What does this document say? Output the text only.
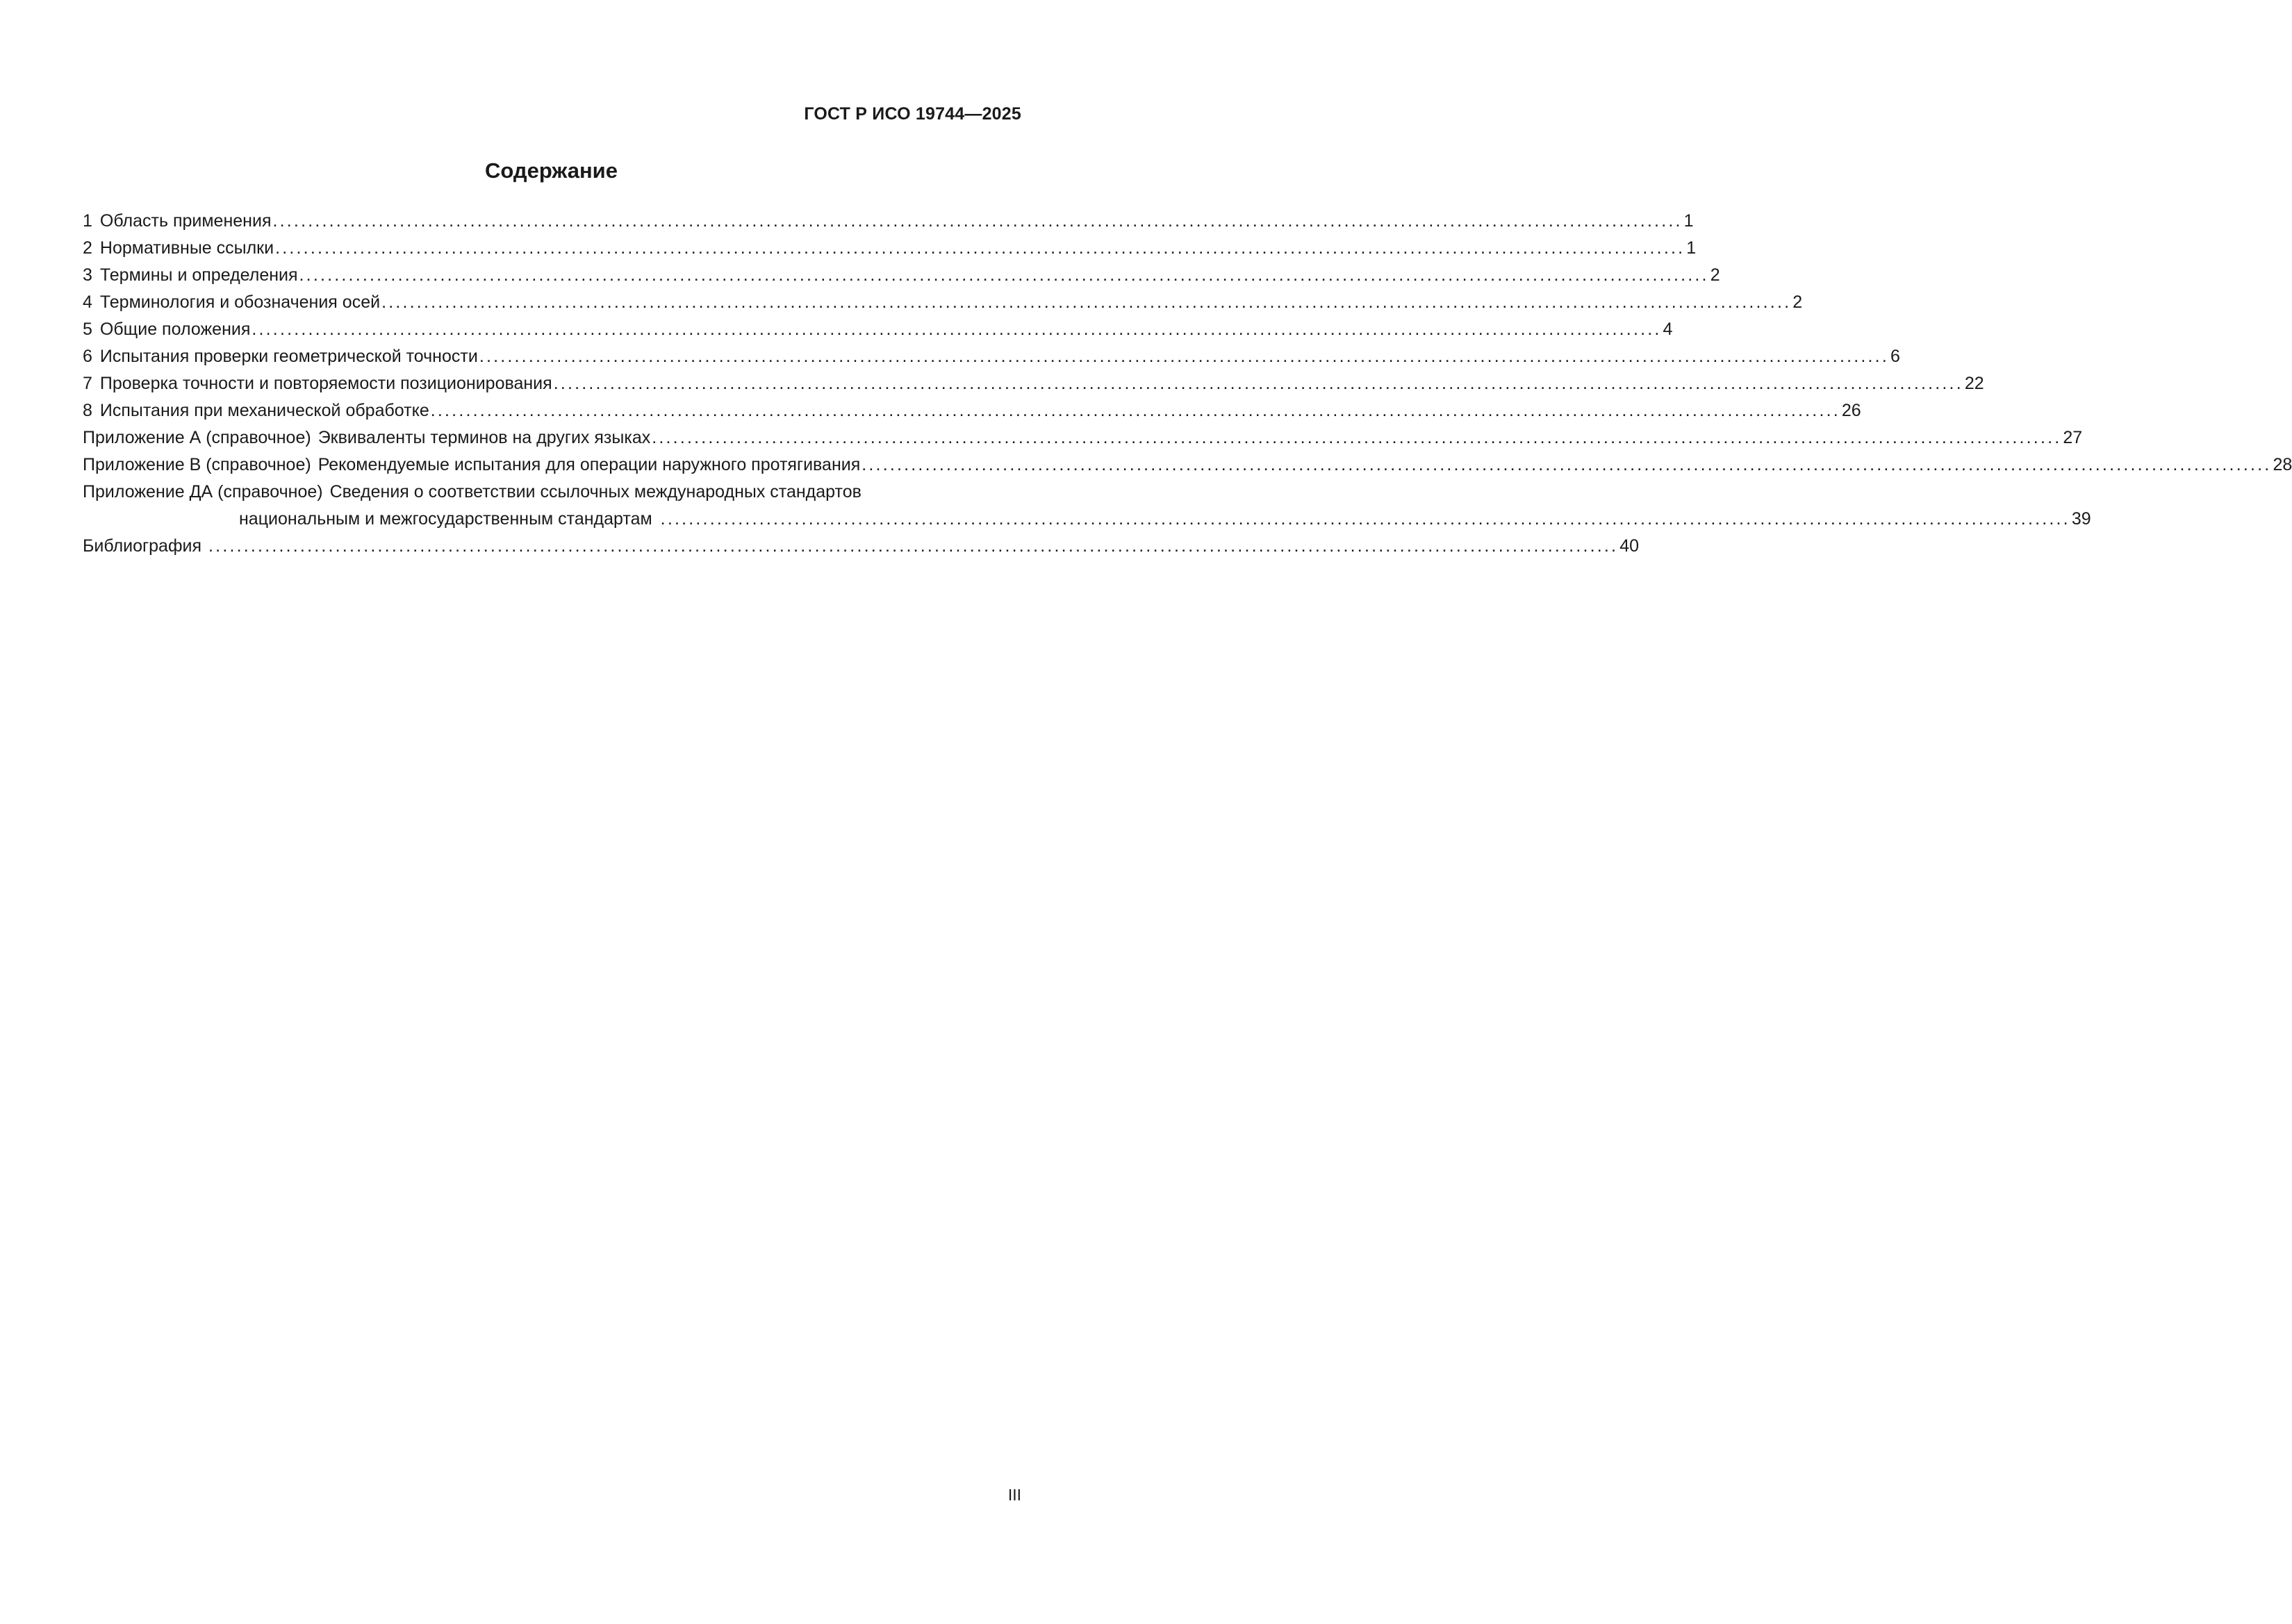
ГОСТ Р ИСО 19744—2025
Содержание
1 Область применения ........................................................................................................................................................................................................ 1
2 Нормативные ссылки ........................................................................................................................................................................................................ 1
3 Термины и определения ........................................................................................................................................................................................................ 2
4 Терминология и обозначения осей ........................................................................................................................................................................................................ 2
5 Общие положения ........................................................................................................................................................................................................ 4
6 Испытания проверки геометрической точности ........................................................................................................................................................................................................ 6
7 Проверка точности и повторяемости позиционирования ........................................................................................................................................................................................................ 22
8 Испытания при механической обработке ........................................................................................................................................................................................................ 26
Приложение А (справочное) Эквиваленты терминов на других языках ........................................................................................................................................................................................................ 27
Приложение В (справочное) Рекомендуемые испытания для операции наружного протягивания ........................................................................................................................................................................................................ 28
Приложение ДА (справочное) Сведения о соответствии ссылочных международных стандартов
национальным и межгосударственным стандартам ........................................................................................................................................................................................................ 39
Библиография ........................................................................................................................................................................................................ 40
III
